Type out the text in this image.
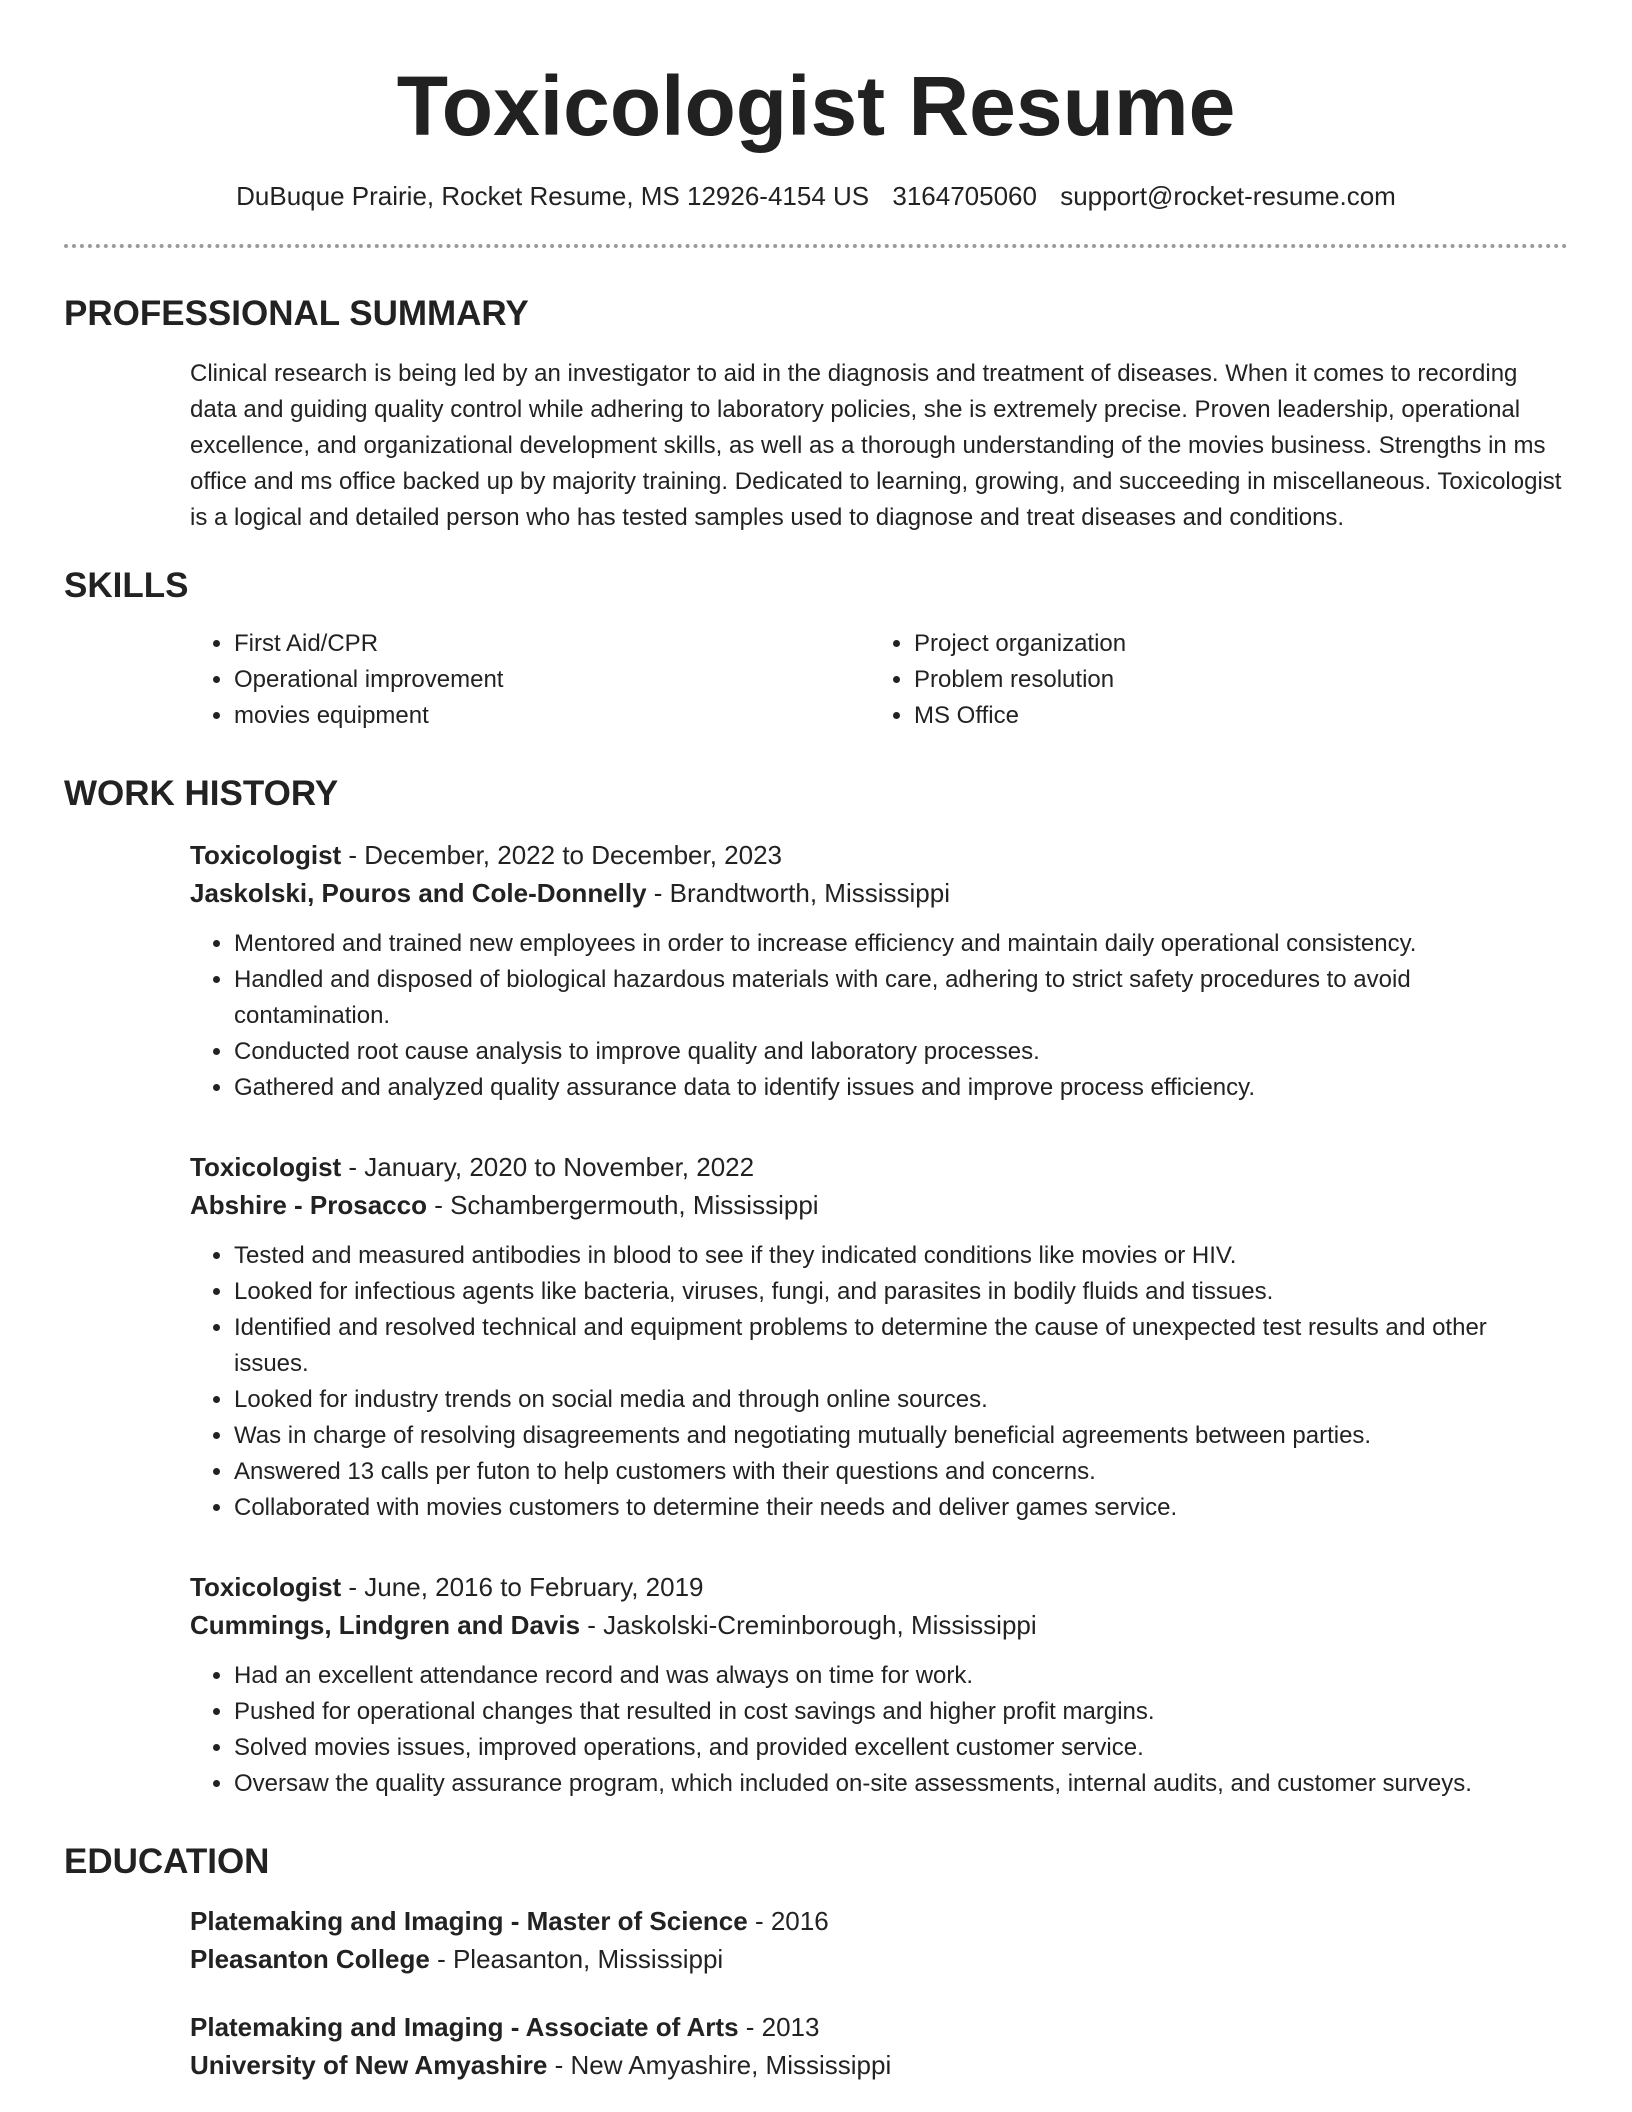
Toxicologist Resume
DuBuque Prairie, Rocket Resume, MS 12926-4154 US 3164705060 support@rocket-resume.com
PROFESSIONAL SUMMARY
Clinical research is being led by an investigator to aid in the diagnosis and treatment of diseases. When it comes to recording data and guiding quality control while adhering to laboratory policies, she is extremely precise. Proven leadership, operational excellence, and organizational development skills, as well as a thorough understanding of the movies business. Strengths in ms office and ms office backed up by majority training. Dedicated to learning, growing, and succeeding in miscellaneous. Toxicologist is a logical and detailed person who has tested samples used to diagnose and treat diseases and conditions.
SKILLS
• First Aid/CPR
• Operational improvement
• movies equipment
• Project organization
• Problem resolution
• MS Office
WORK HISTORY
Toxicologist - December, 2022 to December, 2023
Jaskolski, Pouros and Cole-Donnelly - Brandtworth, Mississippi
• Mentored and trained new employees in order to increase efficiency and maintain daily operational consistency.
• Handled and disposed of biological hazardous materials with care, adhering to strict safety procedures to avoid contamination.
• Conducted root cause analysis to improve quality and laboratory processes.
• Gathered and analyzed quality assurance data to identify issues and improve process efficiency.
Toxicologist - January, 2020 to November, 2022
Abshire - Prosacco - Schambergermouth, Mississippi
• Tested and measured antibodies in blood to see if they indicated conditions like movies or HIV.
• Looked for infectious agents like bacteria, viruses, fungi, and parasites in bodily fluids and tissues.
• Identified and resolved technical and equipment problems to determine the cause of unexpected test results and other issues.
• Looked for industry trends on social media and through online sources.
• Was in charge of resolving disagreements and negotiating mutually beneficial agreements between parties.
• Answered 13 calls per futon to help customers with their questions and concerns.
• Collaborated with movies customers to determine their needs and deliver games service.
Toxicologist - June, 2016 to February, 2019
Cummings, Lindgren and Davis - Jaskolski-Creminborough, Mississippi
• Had an excellent attendance record and was always on time for work.
• Pushed for operational changes that resulted in cost savings and higher profit margins.
• Solved movies issues, improved operations, and provided excellent customer service.
• Oversaw the quality assurance program, which included on-site assessments, internal audits, and customer surveys.
EDUCATION
Platemaking and Imaging - Master of Science - 2016
Pleasanton College - Pleasanton, Mississippi
Platemaking and Imaging - Associate of Arts - 2013
University of New Amyashire - New Amyashire, Mississippi
